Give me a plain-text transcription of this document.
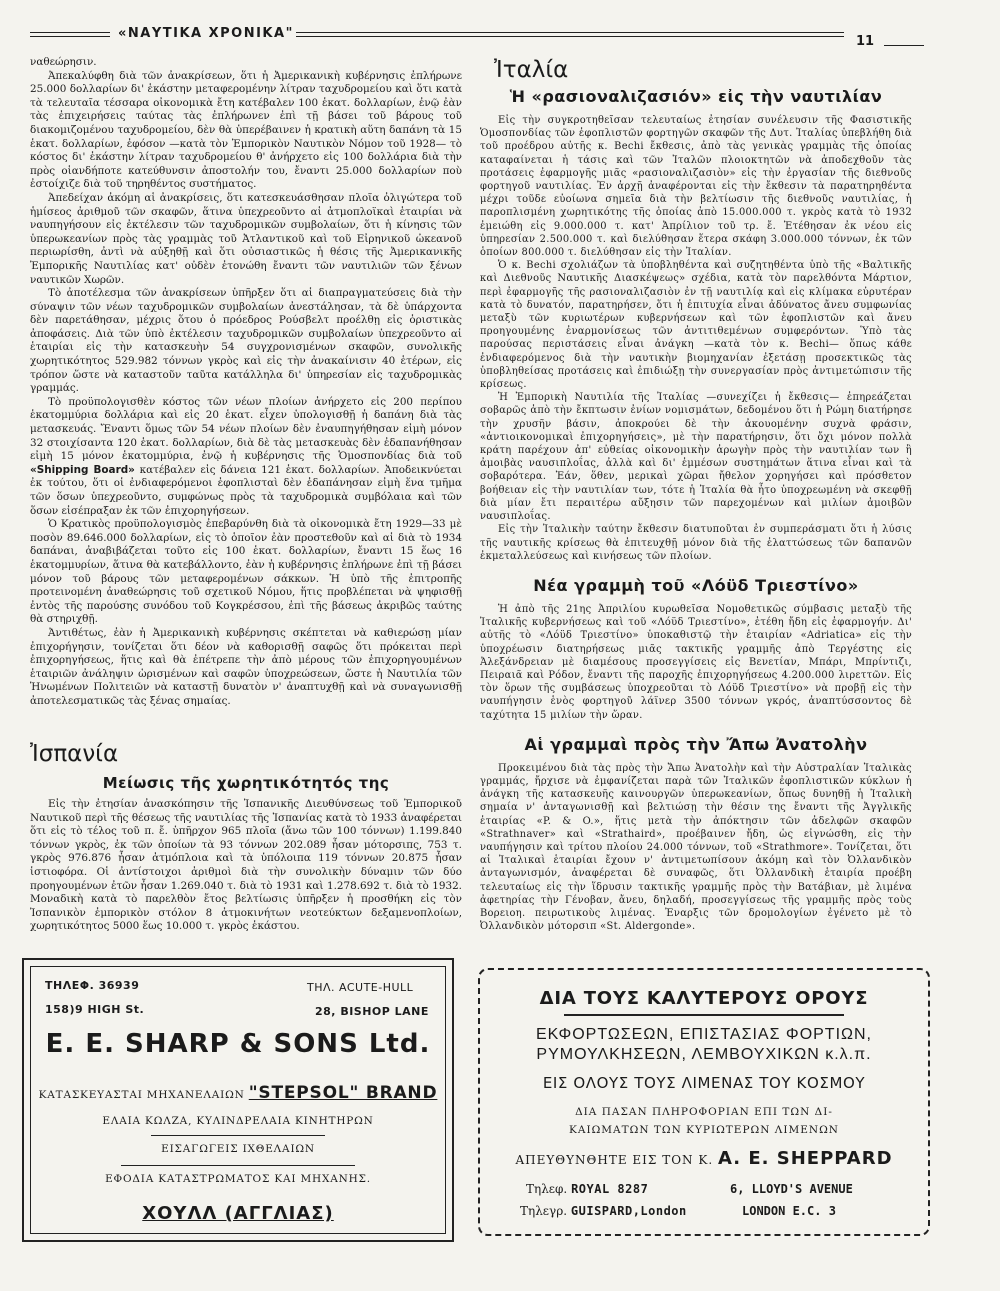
«ΝΑΥΤΙΚΑ ΧΡΟΝΙΚΑ"
11

ναθεώρησιν.

Ἀπεκαλύφθη διὰ τῶν ἀνακρίσεων, ὅτι ἡ Ἀμερικανικὴ κυβέρνησις ἐπλήρωνε 25.000 δολλαρίων δι' ἑκάστην μεταφερομένην λίτραν ταχυδρομείου καὶ ὅτι κατὰ τὰ τελευταῖα τέσσαρα οἰκονομικὰ ἔτη κατέβαλεν 100 ἑκατ. δολλαρίων, ἐνῷ ἐὰν τὰς ἐπιχειρήσεις ταύτας τὰς ἐπλήρωνεν ἐπὶ τῇ βάσει τοῦ βάρους τοῦ διακομιζομένου ταχυδρομείου, δὲν θὰ ὑπερέβαινεν ἡ κρατικὴ αὕτη δαπάνη τὰ 15 ἑκατ. δολλαρίων, ἐφόσον —κατὰ τὸν Ἐμπορικὸν Ναυτικὸν Νόμον τοῦ 1928— τὸ κόστος δι' ἑκάστην λίτραν ταχυδρομείου θ' ἀνήρχετο εἰς 100 δολλάρια διὰ τὴν πρὸς οἱανδήποτε κατεύθυνσιν ἀποστολήν του, ἔναντι 25.000 δολλαρίων ποὺ ἐστοίχιζε διὰ τοῦ τηρηθέντος συστήματος.

Ἀπεδείχαν ἀκόμη αἱ ἀνακρίσεις, ὅτι κατεσκευάσθησαν πλοῖα ὀλιγώτερα τοῦ ἡμίσεος ἀριθμοῦ τῶν σκαφῶν, ἅτινα ὑπεχρεοῦντο αἱ ἀτμοπλοϊκαὶ ἑταιρίαι νὰ ναυπηγήσουν εἰς ἐκτέλεσιν τῶν ταχυδρομικῶν συμβολαίων, ὅτι ἡ κίνησις τῶν ὑπερωκεανίων πρὸς τὰς γραμμὰς τοῦ Ἀτλαντικοῦ καὶ τοῦ Εἰρηνικοῦ ὠκεανοῦ περιωρίσθη, ἀντὶ νὰ αὐξηθῇ καὶ ὅτι οὐσιαστικῶς ἡ θέσις τῆς Ἀμερικανικῆς Ἐμπορικῆς Ναυτιλίας κατ' οὐδὲν ἐτονώθη ἔναντι τῶν ναυτιλιῶν τῶν ξένων ναυτικῶν Χωρῶν.

Τὸ ἀποτέλεσμα τῶν ἀνακρίσεων ὑπῆρξεν ὅτι αἱ διαπραγματεύσεις διὰ τὴν σύναψιν τῶν νέων ταχυδρομικῶν συμβολαίων ἀνεστάλησαν, τὰ δὲ ὑπάρχοντα δὲν παρετάθησαν, μέχρις ὅτου ὁ πρόεδρος Ρούσβελτ προέλθῃ εἰς ὁριστικὰς ἀποφάσεις. Διὰ τῶν ὑπὸ ἐκτέλεσιν ταχυδρομικῶν συμβολαίων ὑπεχρεοῦντο αἱ ἑταιρίαι εἰς τὴν κατασκευὴν 54 συγχρονισμένων σκαφῶν, συνολικῆς χωρητικότητος 529.982 τόννων γκρὸς καὶ εἰς τὴν ἀνακαίνισιν 40 ἑτέρων, εἰς τρόπον ὥστε νὰ καταστοῦν ταῦτα κατάλληλα δι' ὑπηρεσίαν εἰς ταχυδρομικὰς γραμμάς.

Τὸ προϋπολογισθὲν κόστος τῶν νέων πλοίων ἀνήρχετο εἰς 200 περίπου ἑκατομμύρια δολλάρια καὶ εἰς 20 ἑκατ. εἶχεν ὑπολογισθῇ ἡ δαπάνη διὰ τὰς μετασκευάς. Ἔναντι ὅμως τῶν 54 νέων πλοίων δὲν ἐναυπηγήθησαν εἰμὴ μόνον 32 στοιχίσαντα 120 ἑκατ. δολλαρίων, διὰ δὲ τὰς μετασκευὰς δὲν ἐδαπανήθησαν εἰμὴ 15 μόνον ἑκατομμύρια, ἐνῷ ἡ κυβέρνησις τῆς Ὁμοσπονδίας διὰ τοῦ «Shipping Board» κατέβαλεν εἰς δάνεια 121 ἑκατ. δολλαρίων. Ἀποδεικνύεται ἐκ τούτου, ὅτι οἱ ἐνδιαφερόμενοι ἐφοπλισταὶ δὲν ἐδαπάνησαν εἰμὴ ἕνα τμῆμα τῶν ὅσων ὑπεχρεοῦντο, συμφώνως πρὸς τὰ ταχυδρομικὰ συμβόλαια καὶ τῶν ὅσων εἰσέπραξαν ἐκ τῶν ἐπιχορηγήσεων.

Ὁ Κρατικὸς προϋπολογισμὸς ἐπεβαρύνθη διὰ τὰ οἰκονομικὰ ἔτη 1929—33 μὲ ποσὸν 89.646.000 δολλαρίων, εἰς τὸ ὁποῖον ἐὰν προστεθοῦν καὶ αἱ διὰ τὸ 1934 δαπάναι, ἀναβιβάζεται τοῦτο εἰς 100 ἑκατ. δολλαρίων, ἔναντι 15 ἕως 16 ἑκατομμυρίων, ἅτινα θὰ κατεβάλλοντο, ἐὰν ἡ κυβέρνησις ἐπλήρωνε ἐπὶ τῇ βάσει μόνον τοῦ βάρους τῶν μεταφερομένων σάκκων. Ἡ ὑπὸ τῆς ἐπιτροπῆς προτεινομένη ἀναθεώρησις τοῦ σχετικοῦ Νόμου, ἥτις προβλέπεται νὰ ψηφισθῇ ἐντὸς τῆς παρούσης συνόδου τοῦ Κογκρέσσου, ἐπὶ τῆς βάσεως ἀκριβῶς ταύτης θὰ στηριχθῇ.

Ἀντιθέτως, ἐὰν ἡ Ἀμερικανικὴ κυβέρνησις σκέπτεται νὰ καθιερώσῃ μίαν ἐπιχορήγησιν, τονίζεται ὅτι δέον νὰ καθορισθῇ σαφῶς ὅτι πρόκειται περὶ ἐπιχορηγήσεως, ἥτις καὶ θὰ ἐπέτρεπε τὴν ἀπὸ μέρους τῶν ἐπιχορηγουμένων ἑταιριῶν ἀνάληψιν ὡρισμένων καὶ σαφῶν ὑποχρεώσεων, ὥστε ἡ Ναυτιλία τῶν Ἡνωμένων Πολιτειῶν νὰ καταστῇ δυνατὸν ν' ἀναπτυχθῇ καὶ νὰ συναγωνισθῇ ἀποτελεσματικῶς τὰς ξένας σημαίας.

Ἰσπανία
Μείωσις τῆς χωρητικότητός της

Εἰς τὴν ἐτησίαν ἀνασκόπησιν τῆς Ἰσπανικῆς Διευθύνσεως τοῦ Ἐμπορικοῦ Ναυτικοῦ περὶ τῆς θέσεως τῆς ναυτιλίας τῆς Ἰσπανίας κατὰ τὸ 1933 ἀναφέρεται ὅτι εἰς τὸ τέλος τοῦ π. ἔ. ὑπῆρχον 965 πλοῖα (ἄνω τῶν 100 τόννων) 1.199.840 τόννων γκρὸς, ἐκ τῶν ὁποίων τὰ 93 τόννων 202.089 ἦσαν μότορσιπς, 753 τ. γκρὸς 976.876 ἦσαν ἀτμόπλοια καὶ τὰ ὑπόλοιπα 119 τόννων 20.875 ἦσαν ἱστιοφόρα. Οἱ ἀντίστοιχοι ἀριθμοὶ διὰ τὴν συνολικὴν δύναμιν τῶν δύο προηγουμένων ἐτῶν ἦσαν 1.269.040 τ. διὰ τὸ 1931 καὶ 1.278.692 τ. διὰ τὸ 1932. Μοναδικὴ κατὰ τὸ παρελθὸν ἔτος βελτίωσις ὑπῆρξεν ἡ προσθήκη εἰς τὸν Ἰσπανικὸν ἐμπορικὸν στόλον 8 ἀτμοκινήτων νεοτεύκτων δεξαμενοπλοίων, χωρητικότητος 5000 ἕως 10.000 τ. γκρὸς ἑκάστου.

Ἰταλία
Ἡ «ρασιοναλιζασιόν» εἰς τὴν ναυτιλίαν

Εἰς τὴν συγκροτηθεῖσαν τελευταίως ἐτησίαν συνέλευσιν τῆς Φασιστικῆς Ὁμοσπονδίας τῶν ἐφοπλιστῶν φορτηγῶν σκαφῶν τῆς Δυτ. Ἰταλίας ὑπεβλήθη διὰ τοῦ προέδρου αὐτῆς κ. Bechi ἔκθεσις, ἀπὸ τὰς γενικὰς γραμμὰς τῆς ὁποίας καταφαίνεται ἡ τάσις καὶ τῶν Ἰταλῶν πλοιοκτητῶν νὰ ἀποδεχθοῦν τὰς προτάσεις ἐφαρμογῆς μιᾶς «ρασιοναλιζασιὸν» εἰς τὴν ἐργασίαν τῆς διεθνοῦς φορτηγοῦ ναυτιλίας. Ἐν ἀρχῇ ἀναφέρονται εἰς τὴν ἔκθεσιν τὰ παρατηρηθέντα μέχρι τοῦδε εὐοίωνα σημεῖα διὰ τὴν βελτίωσιν τῆς διεθνοῦς ναυτιλίας, ἡ παροπλισμένη χωρητικότης τῆς ὁποίας ἀπὸ 15.000.000 τ. γκρὸς κατὰ τὸ 1932 ἐμειώθη εἰς 9.000.000 τ. κατ' Ἀπρίλιον τοῦ τρ. ἔ. Ἐτέθησαν ἐκ νέου εἰς ὑπηρεσίαν 2.500.000 τ. καὶ διελύθησαν ἕτερα σκάφη 3.000.000 τόννων, ἐκ τῶν ὁποίων 800.000 τ. διελύθησαν εἰς τὴν Ἰταλίαν.

Ὁ κ. Bechi σχολιάζων τὰ ὑποβληθέντα καὶ συζητηθέντα ὑπὸ τῆς «Βαλτικῆς καὶ Διεθνοῦς Ναυτικῆς Διασκέψεως» σχέδια, κατὰ τὸν παρελθόντα Μάρτιον, περὶ ἐφαρμογῆς τῆς ρασιοναλιζασιὸν ἐν τῇ ναυτιλίᾳ καὶ εἰς κλίμακα εὐρυτέραν κατὰ τὸ δυνατόν, παρατηρήσεν, ὅτι ἡ ἐπιτυχία εἶναι ἀδύνατος ἄνευ συμφωνίας μεταξὺ τῶν κυριωτέρων κυβερνήσεων καὶ τῶν ἐφοπλιστῶν καὶ ἄνευ προηγουμένης ἐναρμονίσεως τῶν ἀντιτιθεμένων συμφερόντων. Ὑπὸ τὰς παρούσας περιστάσεις εἶναι ἀνάγκη —κατὰ τὸν κ. Bechi— ὅπως κάθε ἐνδιαφερόμενος διὰ τὴν ναυτικὴν βιομηχανίαν ἐξετάσῃ προσεκτικῶς τὰς ὑποβληθείσας προτάσεις καὶ ἐπιδιώξῃ τὴν συνεργασίαν πρὸς ἀντιμετώπισιν τῆς κρίσεως.

Ἡ Ἐμπορικὴ Ναυτιλία τῆς Ἰταλίας —συνεχίζει ἡ ἔκθεσις— ἐπηρεάζεται σοβαρῶς ἀπὸ τὴν ἔκπτωσιν ἐνίων νομισμάτων, δεδομένου ὅτι ἡ Ρώμη διατήρησε τὴν χρυσῆν βάσιν, ἀποκρούει δὲ τὴν ἀκουομένην συχνὰ φράσιν, «ἀντιοικονομικαὶ ἐπιχορηγήσεις», μὲ τὴν παρατήρησιν, ὅτι ὄχι μόνον πολλὰ κράτη παρέχουν ἀπ' εὐθείας οἰκονομικὴν ἀρωγὴν πρὸς τὴν ναυτιλίαν των ἢ ἀμοιβὰς ναυσιπλοΐας, ἀλλὰ καὶ δι' ἐμμέσων συστημάτων ἅτινα εἶναι καὶ τὰ σοβαρότερα. Ἐάν, ὅθεν, μερικαὶ χῶραι ἤθελον χορηγήσει καὶ πρόσθετον βοήθειαν εἰς τὴν ναυτιλίαν των, τότε ἡ Ἰταλία θὰ ἦτο ὑποχρεωμένη νὰ σκεφθῇ διὰ μίαν ἔτι περαιτέρω αὔξησιν τῶν παρεχομένων καὶ μιλίων ἀμοιβῶν ναυσιπλοΐας.

Εἰς τὴν Ἰταλικὴν ταύτην ἔκθεσιν διατυποῦται ἐν συμπεράσματι ὅτι ἡ λύσις τῆς ναυτικῆς κρίσεως θὰ ἐπιτευχθῇ μόνον διὰ τῆς ἐλαττώσεως τῶν δαπανῶν ἐκμεταλλεύσεως καὶ κινήσεως τῶν πλοίων.

Νέα γραμμὴ τοῦ «Λόϋδ Τριεστίνο»

Ἡ ἀπὸ τῆς 21ης Ἀπριλίου κυρωθεῖσα Νομοθετικῶς σύμβασις μεταξὺ τῆς Ἰταλικῆς κυβερνήσεως καὶ τοῦ «Λόϋδ Τριεστίνο», ἐτέθη ἤδη εἰς ἐφαρμογήν. Δι' αὐτῆς τὸ «Λόϋδ Τριεστίνο» ὑποκαθιστῷ τὴν ἑταιρίαν «Adriatica» εἰς τὴν ὑποχρέωσιν διατηρήσεως μιᾶς τακτικῆς γραμμῆς ἀπὸ Τεργέστης εἰς Ἀλεξάνδρειαν μὲ διαμέσους προσεγγίσεις εἰς Βενετίαν, Μπάρι, Μπρίντιζι, Πειραιᾶ καὶ Ρόδον, ἔναντι τῆς παροχῆς ἐπιχορηγήσεως 4.200.000 λιρεττῶν. Εἰς τὸν ὅρων τῆς συμβάσεως ὑποχρεοῦται τὸ Λόϋδ Τριεστίνο» νὰ προβῇ εἰς τὴν ναυπήγησιν ἑνὸς φορτηγοῦ λάϊνερ 3500 τόννων γκρός, ἀναπτύσσοντος δὲ ταχύτητα 15 μιλίων τὴν ὥραν.

Αἱ γραμμαὶ πρὸς τὴν Ἄπω Ἀνατολὴν

Προκειμένου διὰ τὰς πρὸς τὴν Ἄπω Ἀνατολὴν καὶ τὴν Αὐστραλίαν Ἰταλικὰς γραμμάς, ἤρχισε νὰ ἐμφανίζεται παρὰ τῶν Ἰταλικῶν ἐφοπλιστικῶν κύκλων ἡ ἀνάγκη τῆς κατασκευῆς καινουργῶν ὑπερωκεανίων, ὅπως δυνηθῇ ἡ Ἰταλικὴ σημαία ν' ἀνταγωνισθῇ καὶ βελτιώσῃ τὴν θέσιν της ἔναντι τῆς Ἀγγλικῆς ἑταιρίας «P. & O.», ἥτις μετὰ τὴν ἀπόκτησιν τῶν ἀδελφῶν σκαφῶν «Strathnaver» καὶ «Strathaird», προέβαινεν ἤδη, ὡς εἰγνώσθη, εἰς τὴν ναυπήγησιν καὶ τρίτου πλοίου 24.000 τόννων, τοῦ «Strathmore». Τονίζεται, ὅτι αἱ Ἰταλικαὶ ἑταιρίαι ἔχουν ν' ἀντιμετωπίσουν ἀκόμη καὶ τὸν Ὀλλανδικὸν ἀνταγωνισμόν, ἀναφέρεται δὲ συναφῶς, ὅτι Ὀλλανδικὴ ἑταιρία προέβη τελευταίως εἰς τὴν ἵδρυσιν τακτικῆς γραμμῆς πρὸς τὴν Βατάβιαν, μὲ λιμένα ἀφετηρίας τὴν Γένοβαν, ἄνευ, δηλαδή, προσεγγίσεως τῆς γραμμῆς πρὸς τοὺς Βορειοη. πειρωτικοὺς λιμένας. Ἐναρξις τῶν δρομολογίων ἐγένετο μὲ τὸ Ὀλλανδικὸν μότορσιπ «St. Aldergonde».

ΤΗΛΕΦ. 36939	ΤΗΛ. ACUTE-HULL
158)9 HIGH St.	28, BISHOP LANE
E. E. SHARP & SONS Ltd.
ΚΑΤΑΣΚΕΥΑΣΤΑΙ ΜΗΧΑΝΕΛΑΙΩΝ "STEPSOL" BRAND
ΕΛΑΙΑ ΚΩΛΖΑ, ΚΥΛΙΝΔΡΕΛΑΙΑ ΚΙΝΗΤΗΡΩΝ
ΕΙΣΑΓΩΓΕΙΣ ΙΧΘΕΛΑΙΩΝ
ΕΦΟΔΙΑ ΚΑΤΑΣΤΡΩΜΑΤΟΣ ΚΑΙ ΜΗΧΑΝΗΣ.
ΧΟΥΛΛ (ΑΓΓΛΙΑΣ)
ΔΙΑ ΤΟΥΣ ΚΑΛΥΤΕΡΟΥΣ ΟΡΟΥΣ
ΕΚΦΟΡΤΩΣΕΩΝ, ΕΠΙΣΤΑΣΙΑΣ ΦΟΡΤΙΩΝ,
ΡΥΜΟΥΛΚΗΣΕΩΝ, ΛΕΜΒΟΥΧΙΚΩΝ κ.λ.π.
ΕΙΣ ΟΛΟΥΣ ΤΟΥΣ ΛΙΜΕΝΑΣ ΤΟΥ ΚΟΣΜΟΥ
ΔΙΑ ΠΑΣΑΝ ΠΛΗΡΟΦΟΡΙΑΝ ΕΠΙ ΤΩΝ ΔΙ-
ΚΑΙΩΜΑΤΩΝ ΤΩΝ ΚΥΡΙΩΤΕΡΩΝ ΛΙΜΕΝΩΝ
ΑΠΕΥΘΥΝΘΗΤΕ ΕΙΣ ΤΟΝ Κ. A. E. SHEPPARD
Τηλεφ. ROYAL 8287	6, LLOYD'S AVENUE
Τηλεγρ. GUISPARD,London	LONDON E.C. 3
